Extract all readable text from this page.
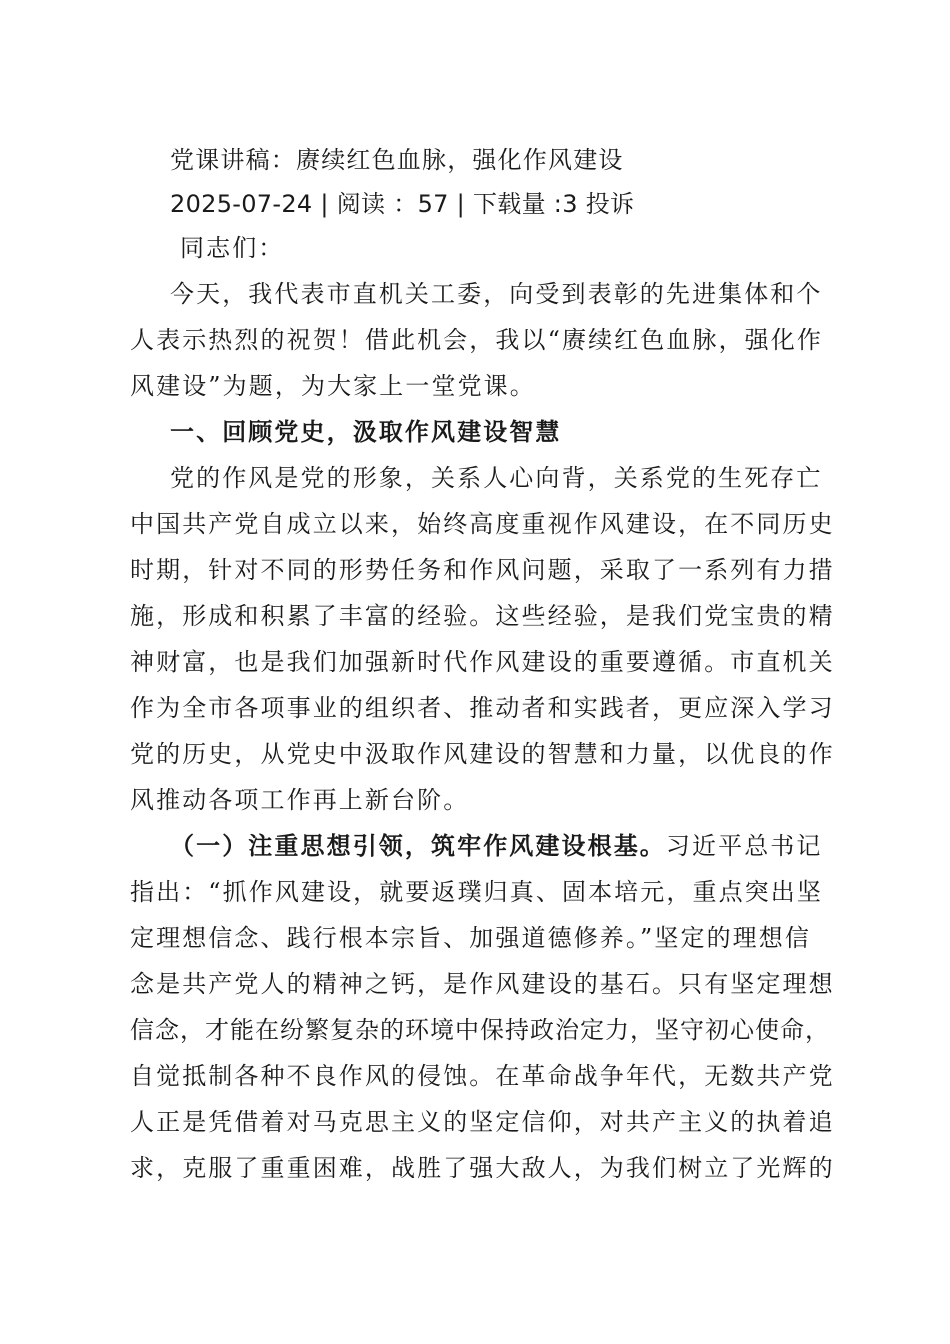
党课讲稿：赓续红色血脉，强化作风建设
2025-07-24 | 阅读 ：57 | 下载量 :3 投诉
同志们：
今天，我代表市直机关工委，向受到表彰的先进集体和个
人表示热烈的祝贺！借此机会，我以“赓续红色血脉，强化作
风建设”为题，为大家上一堂党课。
一、回顾党史，汲取作风建设智慧
党的作风是党的形象，关系人心向背，关系党的生死存亡
中国共产党自成立以来，始终高度重视作风建设，在不同历史
时期，针对不同的形势任务和作风问题，采取了一系列有力措
施，形成和积累了丰富的经验。这些经验，是我们党宝贵的精
神财富，也是我们加强新时代作风建设的重要遵循。市直机关
作为全市各项事业的组织者、推动者和实践者，更应深入学习
党的历史，从党史中汲取作风建设的智慧和力量，以优良的作
风推动各项工作再上新台阶。
（一）注重思想引领，筑牢作风建设根基。习近平总书记
指出：“抓作风建设，就要返璞归真、固本培元，重点突出坚
定理想信念、践行根本宗旨、加强道德修养。”坚定的理想信
念是共产党人的精神之钙，是作风建设的基石。只有坚定理想
信念，才能在纷繁复杂的环境中保持政治定力，坚守初心使命，
自觉抵制各种不良作风的侵蚀。在革命战争年代，无数共产党
人正是凭借着对马克思主义的坚定信仰，对共产主义的执着追
求，克服了重重困难，战胜了强大敌人，为我们树立了光辉的
